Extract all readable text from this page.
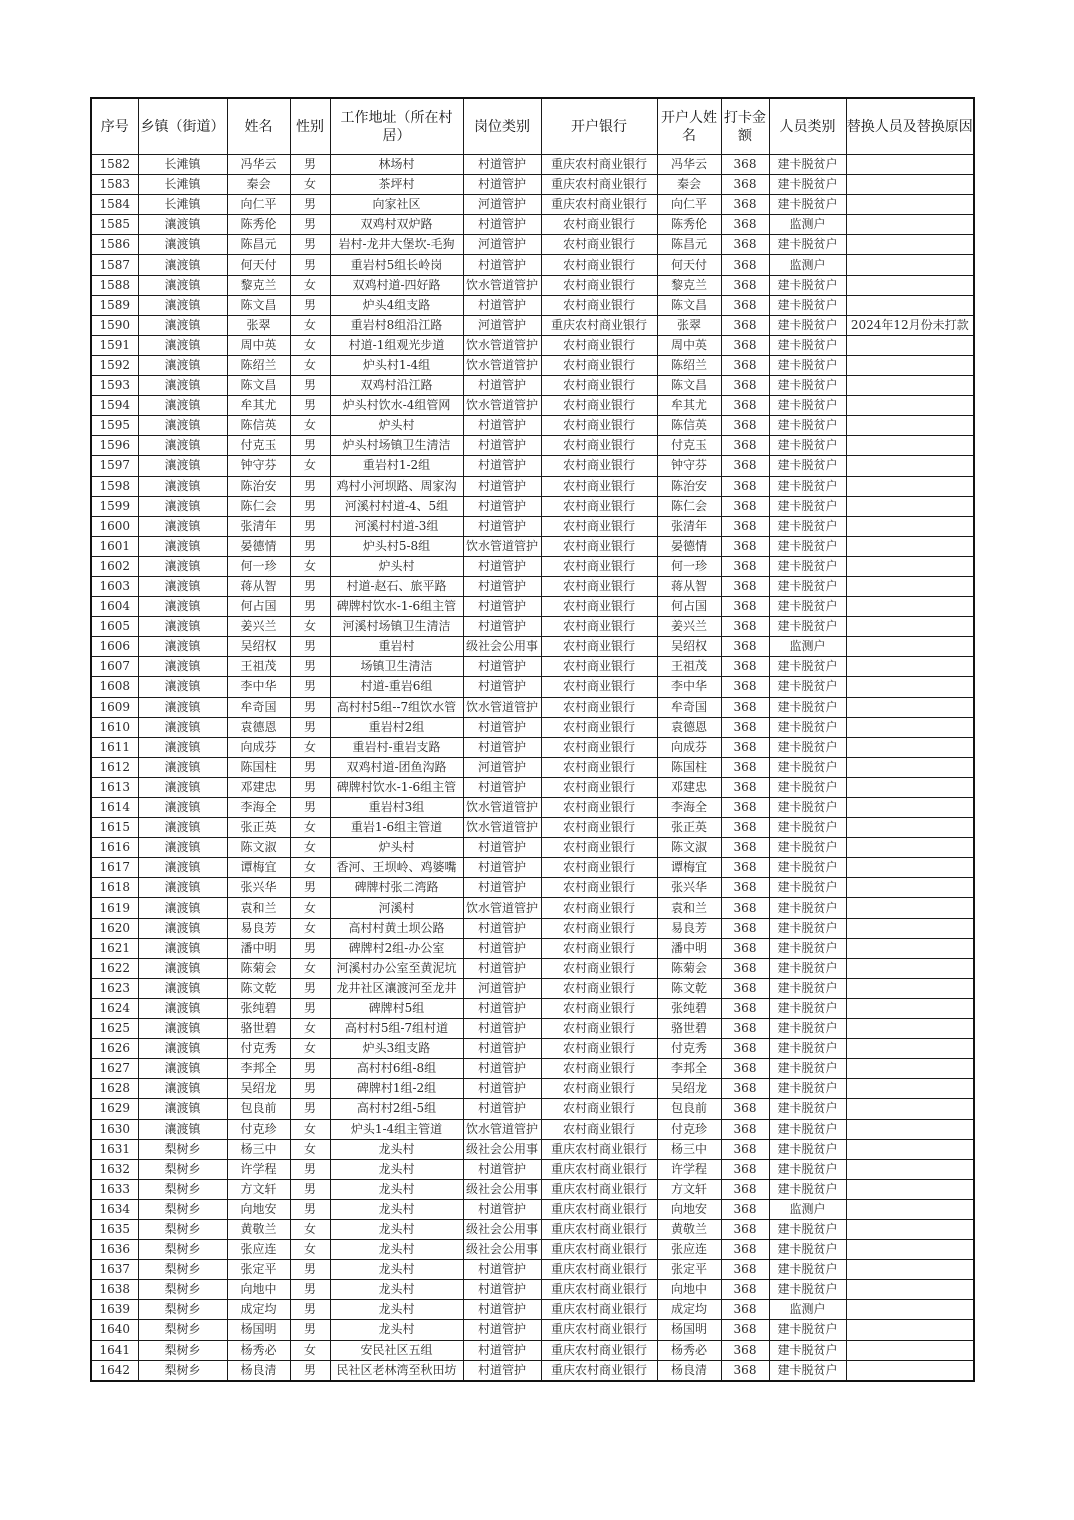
序号	乡镇（街道）	姓名	性别	工作地址（所在村居）	岗位类别	开户银行	开户人姓名	打卡金额	人员类别	替换人员及替换原因
1582	长滩镇	冯华云	男	林场村	村道管护	重庆农村商业银行	冯华云	368	建卡脱贫户	
1583	长滩镇	秦会	女	茶坪村	村道管护	重庆农村商业银行	秦会	368	建卡脱贫户	
1584	长滩镇	向仁平	男	向家社区	河道管护	重庆农村商业银行	向仁平	368	建卡脱贫户	
1585	瀼渡镇	陈秀伦	男	双鸡村双炉路	村道管护	农村商业银行	陈秀伦	368	监测户	
1586	瀼渡镇	陈昌元	男	岩村-龙井大堡坎-毛狗	河道管护	农村商业银行	陈昌元	368	建卡脱贫户	
1587	瀼渡镇	何天付	男	重岩村5组长岭岗	村道管护	农村商业银行	何天付	368	监测户	
1588	瀼渡镇	黎克兰	女	双鸡村道-四好路	饮水管道管护	农村商业银行	黎克兰	368	建卡脱贫户	
1589	瀼渡镇	陈文昌	男	炉头4组支路	村道管护	农村商业银行	陈文昌	368	建卡脱贫户	
1590	瀼渡镇	张翠	女	重岩村8组沿江路	河道管护	重庆农村商业银行	张翠	368	建卡脱贫户	2024年12月份未打款
1591	瀼渡镇	周中英	女	村道-1组观光步道	饮水管道管护	农村商业银行	周中英	368	建卡脱贫户	
1592	瀼渡镇	陈绍兰	女	炉头村1-4组	饮水管道管护	农村商业银行	陈绍兰	368	建卡脱贫户	
1593	瀼渡镇	陈文昌	男	双鸡村沿江路	村道管护	农村商业银行	陈文昌	368	建卡脱贫户	
1594	瀼渡镇	牟其尤	男	炉头村饮水-4组管网	饮水管道管护	农村商业银行	牟其尤	368	建卡脱贫户	
1595	瀼渡镇	陈信英	女	炉头村	村道管护	农村商业银行	陈信英	368	建卡脱贫户	
1596	瀼渡镇	付克玉	男	炉头村场镇卫生清洁	村道管护	农村商业银行	付克玉	368	建卡脱贫户	
1597	瀼渡镇	钟守芬	女	重岩村1-2组	村道管护	农村商业银行	钟守芬	368	建卡脱贫户	
1598	瀼渡镇	陈治安	男	鸡村小河坝路、周家沟	村道管护	农村商业银行	陈治安	368	建卡脱贫户	
1599	瀼渡镇	陈仁会	男	河溪村村道-4、5组	村道管护	农村商业银行	陈仁会	368	建卡脱贫户	
1600	瀼渡镇	张清年	男	河溪村村道-3组	村道管护	农村商业银行	张清年	368	建卡脱贫户	
1601	瀼渡镇	晏德情	男	炉头村5-8组	饮水管道管护	农村商业银行	晏德情	368	建卡脱贫户	
1602	瀼渡镇	何一珍	女	炉头村	村道管护	农村商业银行	何一珍	368	建卡脱贫户	
1603	瀼渡镇	蒋从智	男	村道-赵石、旅平路	村道管护	农村商业银行	蒋从智	368	建卡脱贫户	
1604	瀼渡镇	何占国	男	碑牌村饮水-1-6组主管	村道管护	农村商业银行	何占国	368	建卡脱贫户	
1605	瀼渡镇	姜兴兰	女	河溪村场镇卫生清洁	村道管护	农村商业银行	姜兴兰	368	建卡脱贫户	
1606	瀼渡镇	吴绍权	男	重岩村	级社会公用事	农村商业银行	吴绍权	368	监测户	
1607	瀼渡镇	王祖茂	男	场镇卫生清洁	村道管护	农村商业银行	王祖茂	368	建卡脱贫户	
1608	瀼渡镇	李中华	男	村道-重岩6组	村道管护	农村商业银行	李中华	368	建卡脱贫户	
1609	瀼渡镇	牟奇国	男	高村村5组--7组饮水管	饮水管道管护	农村商业银行	牟奇国	368	建卡脱贫户	
1610	瀼渡镇	袁德恩	男	重岩村2组	村道管护	农村商业银行	袁德恩	368	建卡脱贫户	
1611	瀼渡镇	向成芬	女	重岩村-重岩支路	村道管护	农村商业银行	向成芬	368	建卡脱贫户	
1612	瀼渡镇	陈国柱	男	双鸡村道-团鱼沟路	河道管护	农村商业银行	陈国柱	368	建卡脱贫户	
1613	瀼渡镇	邓建忠	男	碑牌村饮水-1-6组主管	村道管护	农村商业银行	邓建忠	368	建卡脱贫户	
1614	瀼渡镇	李海全	男	重岩村3组	饮水管道管护	农村商业银行	李海全	368	建卡脱贫户	
1615	瀼渡镇	张正英	女	重岩1-6组主管道	饮水管道管护	农村商业银行	张正英	368	建卡脱贫户	
1616	瀼渡镇	陈文淑	女	炉头村	村道管护	农村商业银行	陈文淑	368	建卡脱贫户	
1617	瀼渡镇	谭梅宜	女	香河、王坝岭、鸡婆嘴	村道管护	农村商业银行	谭梅宜	368	建卡脱贫户	
1618	瀼渡镇	张兴华	男	碑牌村张二湾路	村道管护	农村商业银行	张兴华	368	建卡脱贫户	
1619	瀼渡镇	袁和兰	女	河溪村	饮水管道管护	农村商业银行	袁和兰	368	建卡脱贫户	
1620	瀼渡镇	易良芳	女	高村村黄土坝公路	村道管护	农村商业银行	易良芳	368	建卡脱贫户	
1621	瀼渡镇	潘中明	男	碑牌村2组-办公室	村道管护	农村商业银行	潘中明	368	建卡脱贫户	
1622	瀼渡镇	陈菊会	女	河溪村办公室至黄泥坑	村道管护	农村商业银行	陈菊会	368	建卡脱贫户	
1623	瀼渡镇	陈文乾	男	龙井社区瀼渡河至龙井	河道管护	农村商业银行	陈文乾	368	建卡脱贫户	
1624	瀼渡镇	张纯碧	男	碑牌村5组	村道管护	农村商业银行	张纯碧	368	建卡脱贫户	
1625	瀼渡镇	骆世碧	女	高村村5组-7组村道	村道管护	农村商业银行	骆世碧	368	建卡脱贫户	
1626	瀼渡镇	付克秀	女	炉头3组支路	村道管护	农村商业银行	付克秀	368	建卡脱贫户	
1627	瀼渡镇	李邦全	男	高村村6组-8组	村道管护	农村商业银行	李邦全	368	建卡脱贫户	
1628	瀼渡镇	吴绍龙	男	碑牌村1组-2组	村道管护	农村商业银行	吴绍龙	368	建卡脱贫户	
1629	瀼渡镇	包良前	男	高村村2组-5组	村道管护	农村商业银行	包良前	368	建卡脱贫户	
1630	瀼渡镇	付克珍	女	炉头1-4组主管道	饮水管道管护	农村商业银行	付克珍	368	建卡脱贫户	
1631	梨树乡	杨三中	女	龙头村	级社会公用事	重庆农村商业银行	杨三中	368	建卡脱贫户	
1632	梨树乡	许学程	男	龙头村	村道管护	重庆农村商业银行	许学程	368	建卡脱贫户	
1633	梨树乡	方文轩	男	龙头村	级社会公用事	重庆农村商业银行	方文轩	368	建卡脱贫户	
1634	梨树乡	向地安	男	龙头村	村道管护	重庆农村商业银行	向地安	368	监测户	
1635	梨树乡	黄敬兰	女	龙头村	级社会公用事	重庆农村商业银行	黄敬兰	368	建卡脱贫户	
1636	梨树乡	张应连	女	龙头村	级社会公用事	重庆农村商业银行	张应连	368	建卡脱贫户	
1637	梨树乡	张定平	男	龙头村	村道管护	重庆农村商业银行	张定平	368	建卡脱贫户	
1638	梨树乡	向地中	男	龙头村	村道管护	重庆农村商业银行	向地中	368	建卡脱贫户	
1639	梨树乡	成定均	男	龙头村	村道管护	重庆农村商业银行	成定均	368	监测户	
1640	梨树乡	杨国明	男	龙头村	村道管护	重庆农村商业银行	杨国明	368	建卡脱贫户	
1641	梨树乡	杨秀必	女	安民社区五组	村道管护	重庆农村商业银行	杨秀必	368	建卡脱贫户	
1642	梨树乡	杨良清	男	民社区老林湾至秋田坊	村道管护	重庆农村商业银行	杨良清	368	建卡脱贫户	
